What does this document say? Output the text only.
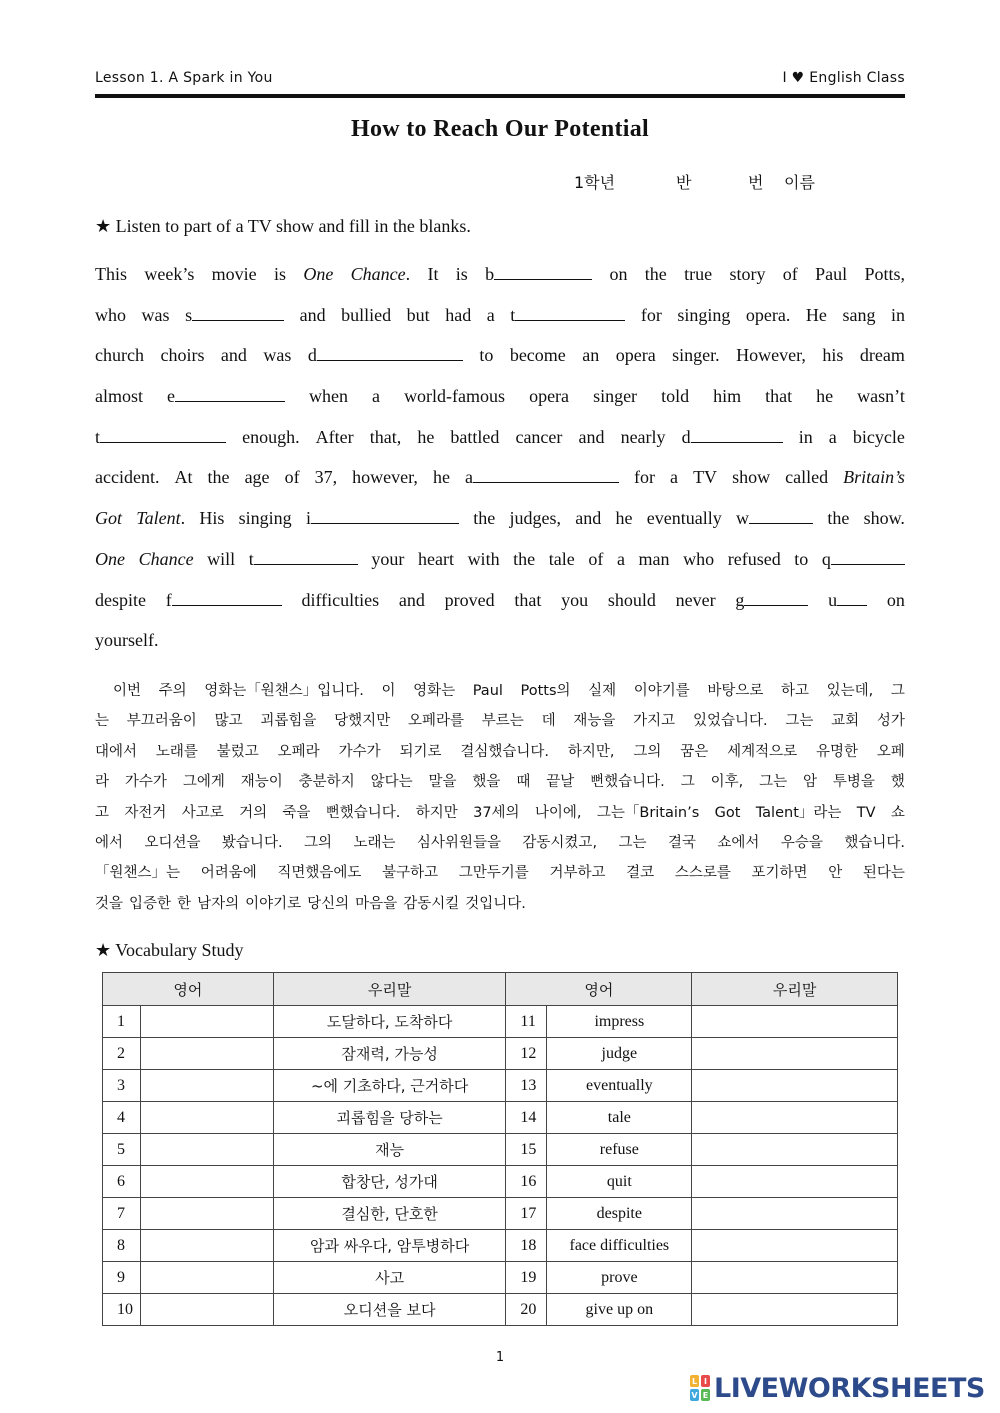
Lesson 1. A Spark in You	I ♥ English Class
How to Reach Our Potential
1학년	반	번 이름
★ Listen to part of a TV show and fill in the blanks.
This week’s movie is One Chance. It is b	on the true story of Paul Potts,
who was s	and bullied but had a t	for singing opera. He sang in
church choirs and was d	to become an opera singer. However, his dream
almost e	when a world-famous opera singer told him that he wasn’t
t	enough. After that, he battled cancer and nearly d	in a bicycle
accident. At the age of 37, however, he a	for a TV show called Britain’s
Got Talent. His singing i	the judges, and he eventually w	the show.
One Chance will t	your heart with the tale of a man who refused to q
despite f	difficulties and proved that you should never g	u	on
yourself.
이번 주의 영화는「원챈스」입니다. 이 영화는 Paul Potts의 실제 이야기를 바탕으로 하고 있는데, 그
는 부끄러움이 많고 괴롭힘을 당했지만 오페라를 부르는 데 재능을 가지고 있었습니다. 그는 교회 성가
대에서 노래를 불렀고 오페라 가수가 되기로 결심했습니다. 하지만, 그의 꿈은 세계적으로 유명한 오페
라 가수가 그에게 재능이 충분하지 않다는 말을 했을 때 끝날 뻔했습니다. 그 이후, 그는 암 투병을 했
고 자전거 사고로 거의 죽을 뻔했습니다. 하지만 37세의 나이에, 그는「Britain’s Got Talent」라는 TV 쇼
에서 오디션을 봤습니다. 그의 노래는 심사위원들을 감동시켰고, 그는 결국 쇼에서 우승을 했습니다.
「원챈스」는 어려움에 직면했음에도 불구하고 그만두기를 거부하고 결코 스스로를 포기하면 안 된다는
것을 입증한 한 남자의 이야기로 당신의 마음을 감동시킬 것입니다.
★ Vocabulary Study
영어		우리말	영어		우리말
1		도달하다, 도착하다	11	impress	
2		잠재력, 가능성	12	judge	
3		~에 기초하다, 근거하다	13	eventually	
4		괴롭힘을 당하는	14	tale	
5		재능	15	refuse	
6		합창단, 성가대	16	quit	
7		결심한, 단호한	17	despite	
8		암과 싸우다, 암투병하다	18	face difficulties	
9		사고	19	prove	
10		오디션을 보다	20	give up on	
1
L I
V E LIVEWORKSHEETS
